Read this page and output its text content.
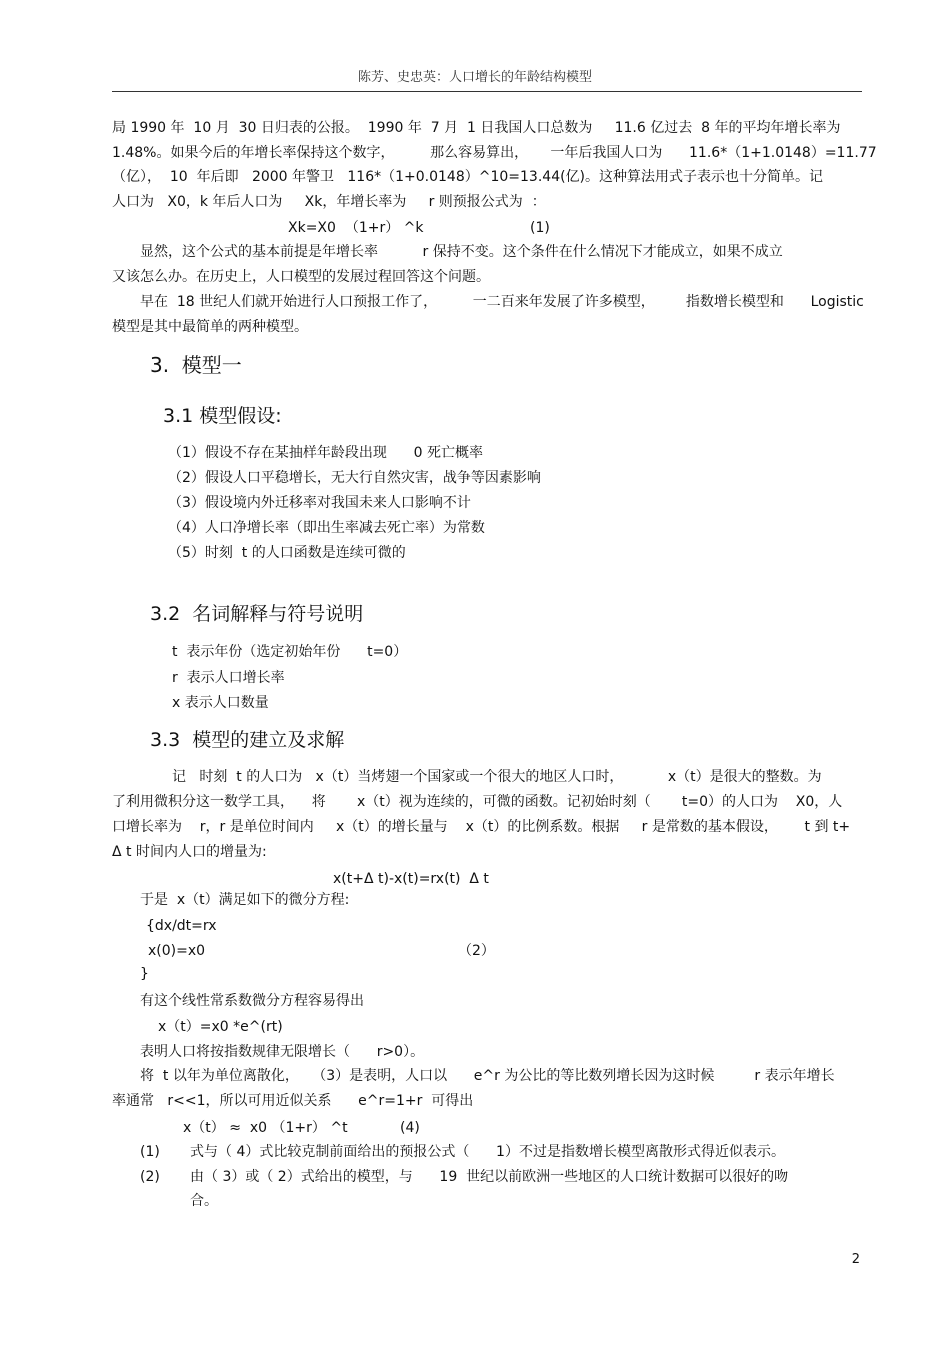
陈芳、史忠英：人口增长的年龄结构模型
局 1990 年  10 月  30 日归表的公报。  1990 年  7 月  1 日我国人口总数为     11.6 亿过去  8 年的平均年增长率为
1.48%。如果今后的年增长率保持这个数字，        那么容易算出，     一年后我国人口为      11.6*（1+1.0148）=11.77
（亿），  10  年后即   2000 年警卫   116*（1+0.0148）^10=13.44(亿)。这种算法用式子表示也十分简单。记
人口为   X0，k 年后人口为     Xk，年增长率为     r 则预报公式为  ：
Xk=X0  （1+r） ^k	(1)
显然，这个公式的基本前提是年增长率          r 保持不变。这个条件在什么情况下才能成立，如果不成立
又该怎么办。在历史上，人口模型的发展过程回答这个问题。
早在  18 世纪人们就开始进行人口预报工作了，        一二百来年发展了许多模型，       指数增长模型和      Logistic
模型是其中最简单的两种模型。
3.  模型一
3.1 模型假设:
（1）假设不存在某抽样年龄段出现      0 死亡概率
（2）假设人口平稳增长，无大行自然灾害，战争等因素影响
（3）假设境内外迁移率对我国未来人口影响不计
（4）人口净增长率（即出生率减去死亡率）为常数
（5）时刻  t 的人口函数是连续可微的
3.2  名词解释与符号说明
t  表示年份（选定初始年份      t=0）
r  表示人口增长率
x 表示人口数量
3.3  模型的建立及求解
记   时刻  t 的人口为   x（t）当烤翅一个国家或一个很大的地区人口时，          x（t）是很大的整数。为
了利用微积分这一数学工具，    将       x（t）视为连续的，可微的函数。记初始时刻（       t=0）的人口为    X0，人
口增长率为    r，r 是单位时间内     x（t）的增长量与    x（t）的比例系数。根据     r 是常数的基本假设，      t 到 t+
Δ t 时间内人口的增量为:
x(t+Δ t)-x(t)=rx(t)  Δ t
于是  x（t）满足如下的微分方程:
{dx/dt=rx
x(0)=x0	（2）
}
有这个线性常系数微分方程容易得出
x（t）=x0 *e^(rt)
表明人口将按指数规律无限增长（      r>0）。
将  t 以年为单位离散化，   （3）是表明，人口以      e^r 为公比的等比数列增长因为这时候         r 表示年增长
率通常   r<<1，所以可用近似关系      e^r=1+r  可得出
x（t） ≈  x0 （1+r） ^t	(4)
(1) 式与（ 4）式比较克制前面给出的预报公式（      1）不过是指数增长模型离散形式得近似表示。
(2) 由（ 3）或（ 2）式给出的模型，与      19  世纪以前欧洲一些地区的人口统计数据可以很好的吻
合。
2
